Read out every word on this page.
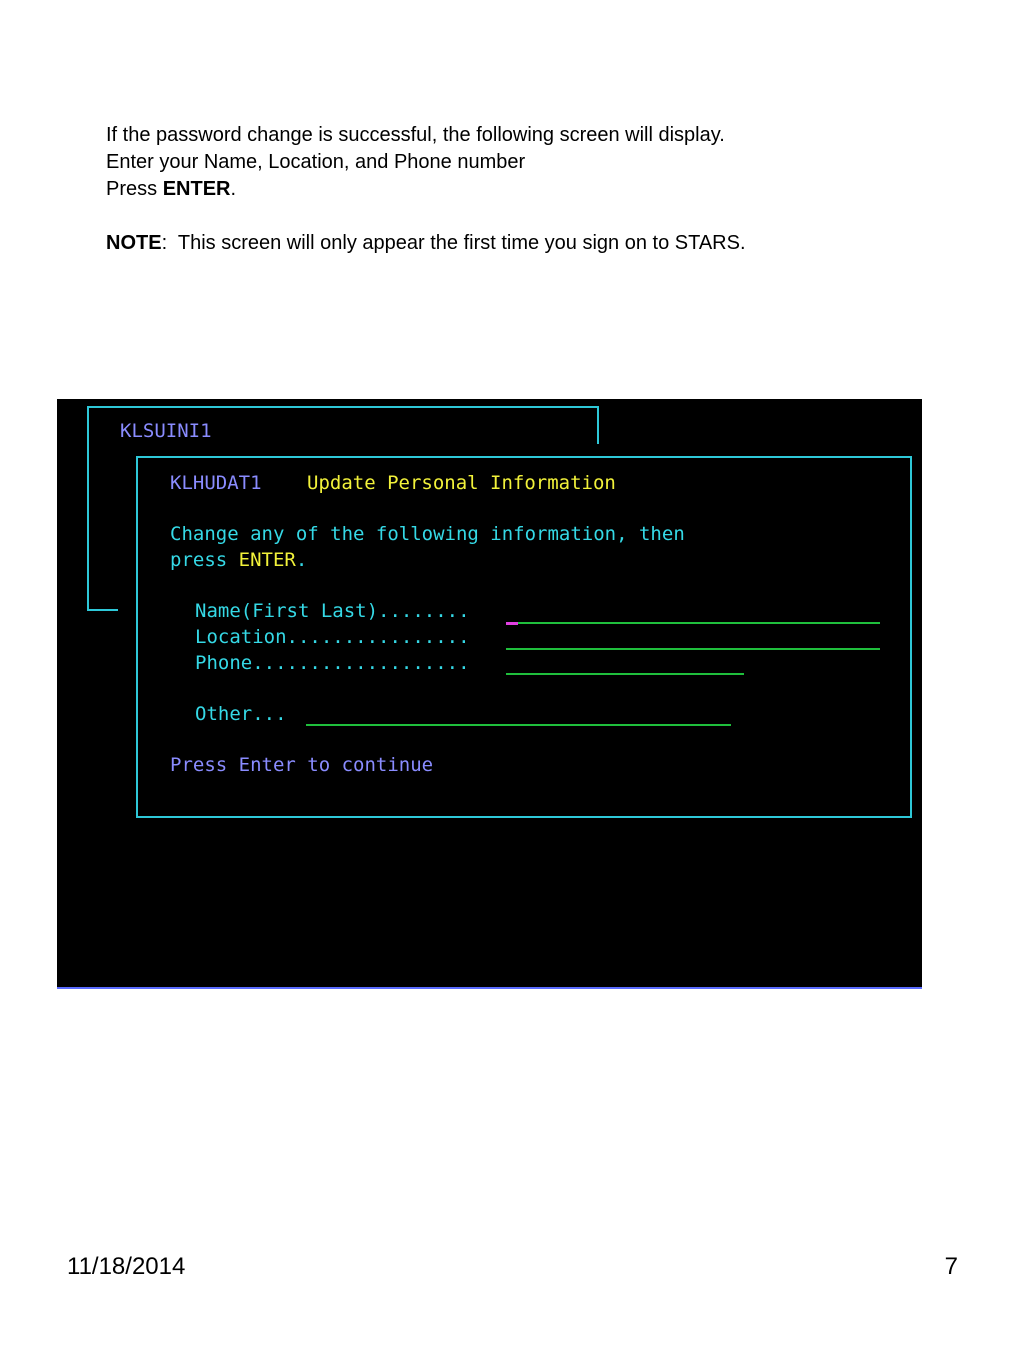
If the password change is successful, the following screen will display.
Enter your Name, Location, and Phone number
Press ENTER.
NOTE:  This screen will only appear the first time you sign on to STARS.
KLSUINI1
KLHUDAT1 Update Personal Information
Change any of the following information, then
press ENTER.
Name(First Last)........
Location................
Phone...................
Other...
Press Enter to continue
11/18/2014	7
